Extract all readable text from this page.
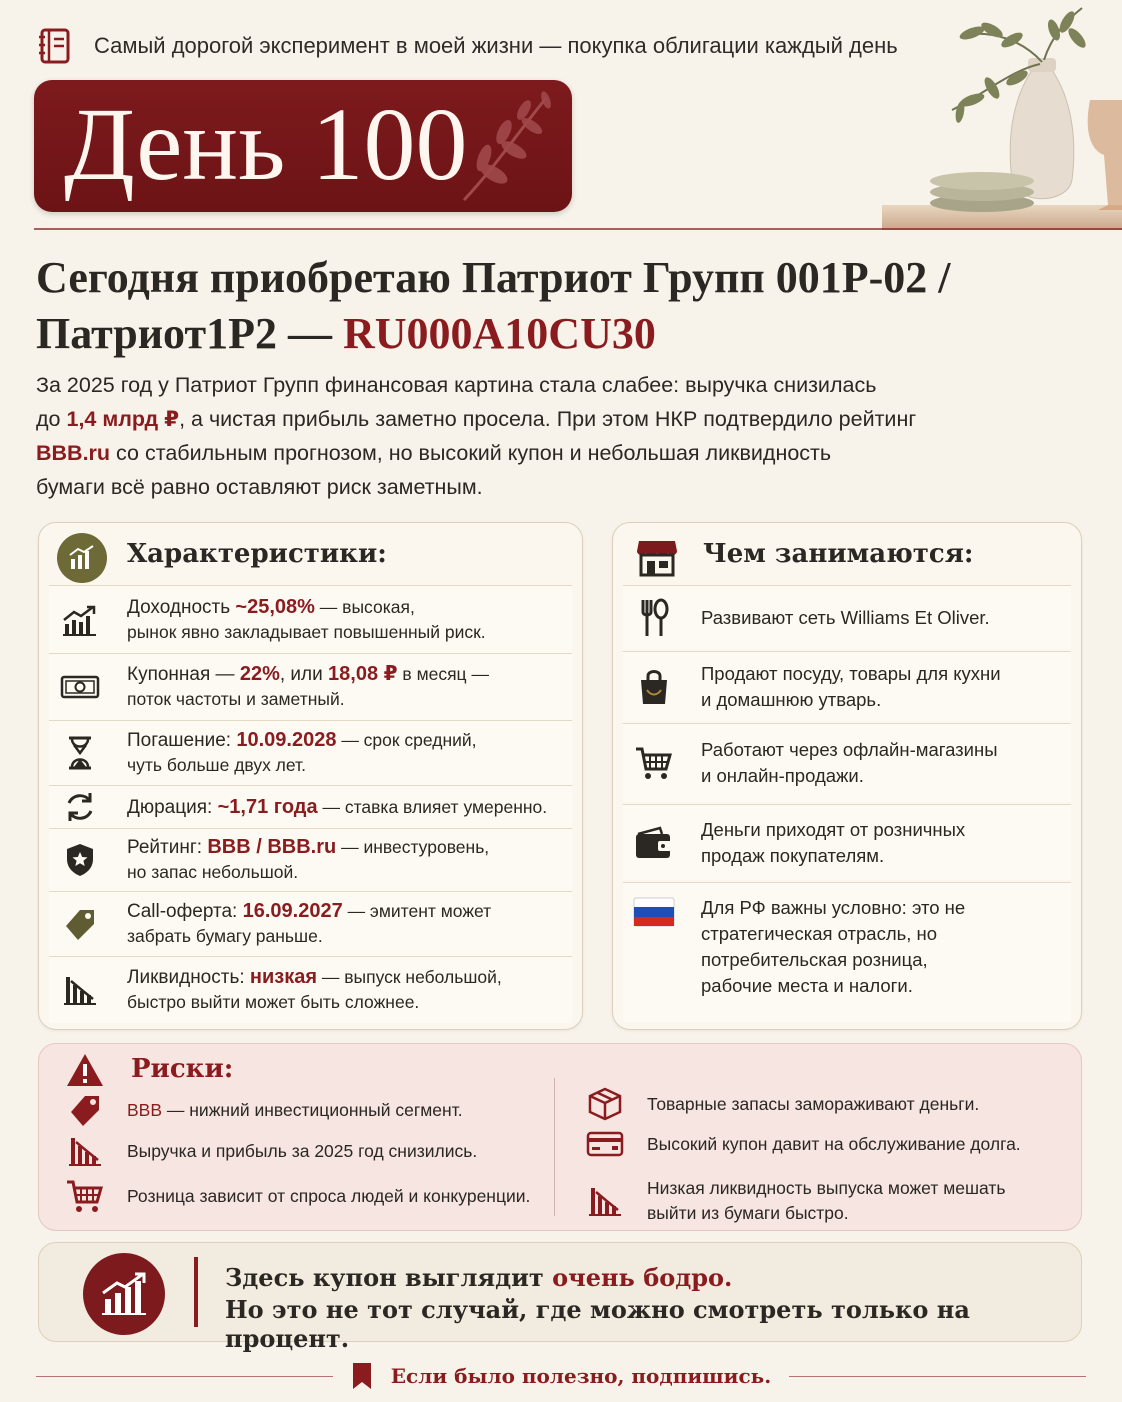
Самый дорогой эксперимент в моей жизни — покупка облигации каждый день
День 100
Сегодня приобретаю Патриот Групп 001P-02 /
Патриот1P2 — RU000A10CU30
За 2025 год у Патриот Групп финансовая картина стала слабее: выручка снизилась
до 1,4 млрд ₽, а чистая прибыль заметно просела. При этом НКР подтвердило рейтинг
BBB.ru со стабильным прогнозом, но высокий купон и небольшая ликвидность
бумаги всё равно оставляют риск заметным.
Характеристики:
Доходность ~25,08% — высокая,
рынок явно закладывает повышенный риск.
Купонная — 22%, или 18,08 ₽ в месяц —
поток частоты и заметный.
Погашение: 10.09.2028 — срок средний,
чуть больше двух лет.
Дюрация: ~1,71 года — ставка влияет умеренно.
Рейтинг: BBB / BBB.ru — инвестуровень,
но запас небольшой.
Call-оферта: 16.09.2027 — эмитент может
забрать бумагу раньше.
Ликвидность: низкая — выпуск небольшой,
быстро выйти может быть сложнее.
Чем занимаются:
Развивают сеть Williams Et Oliver.
Продают посуду, товары для кухни
и домашнюю утварь.
Работают через офлайн-магазины
и онлайн-продажи.
Деньги приходят от розничных
продаж покупателям.
Для РФ важны условно: это не
стратегическая отрасль, но
потребительская розница,
рабочие места и налоги.
Риски:
BBB — нижний инвестиционный сегмент.
Выручка и прибыль за 2025 год снизились.
Розница зависит от спроса людей и конкуренции.
Товарные запасы замораживают деньги.
Высокий купон давит на обслуживание долга.
Низкая ликвидность выпуска может мешать
выйти из бумаги быстро.
Здесь купон выглядит очень бодро.
Но это не тот случай, где можно смотреть только на процент.
Если было полезно, подпишись.
